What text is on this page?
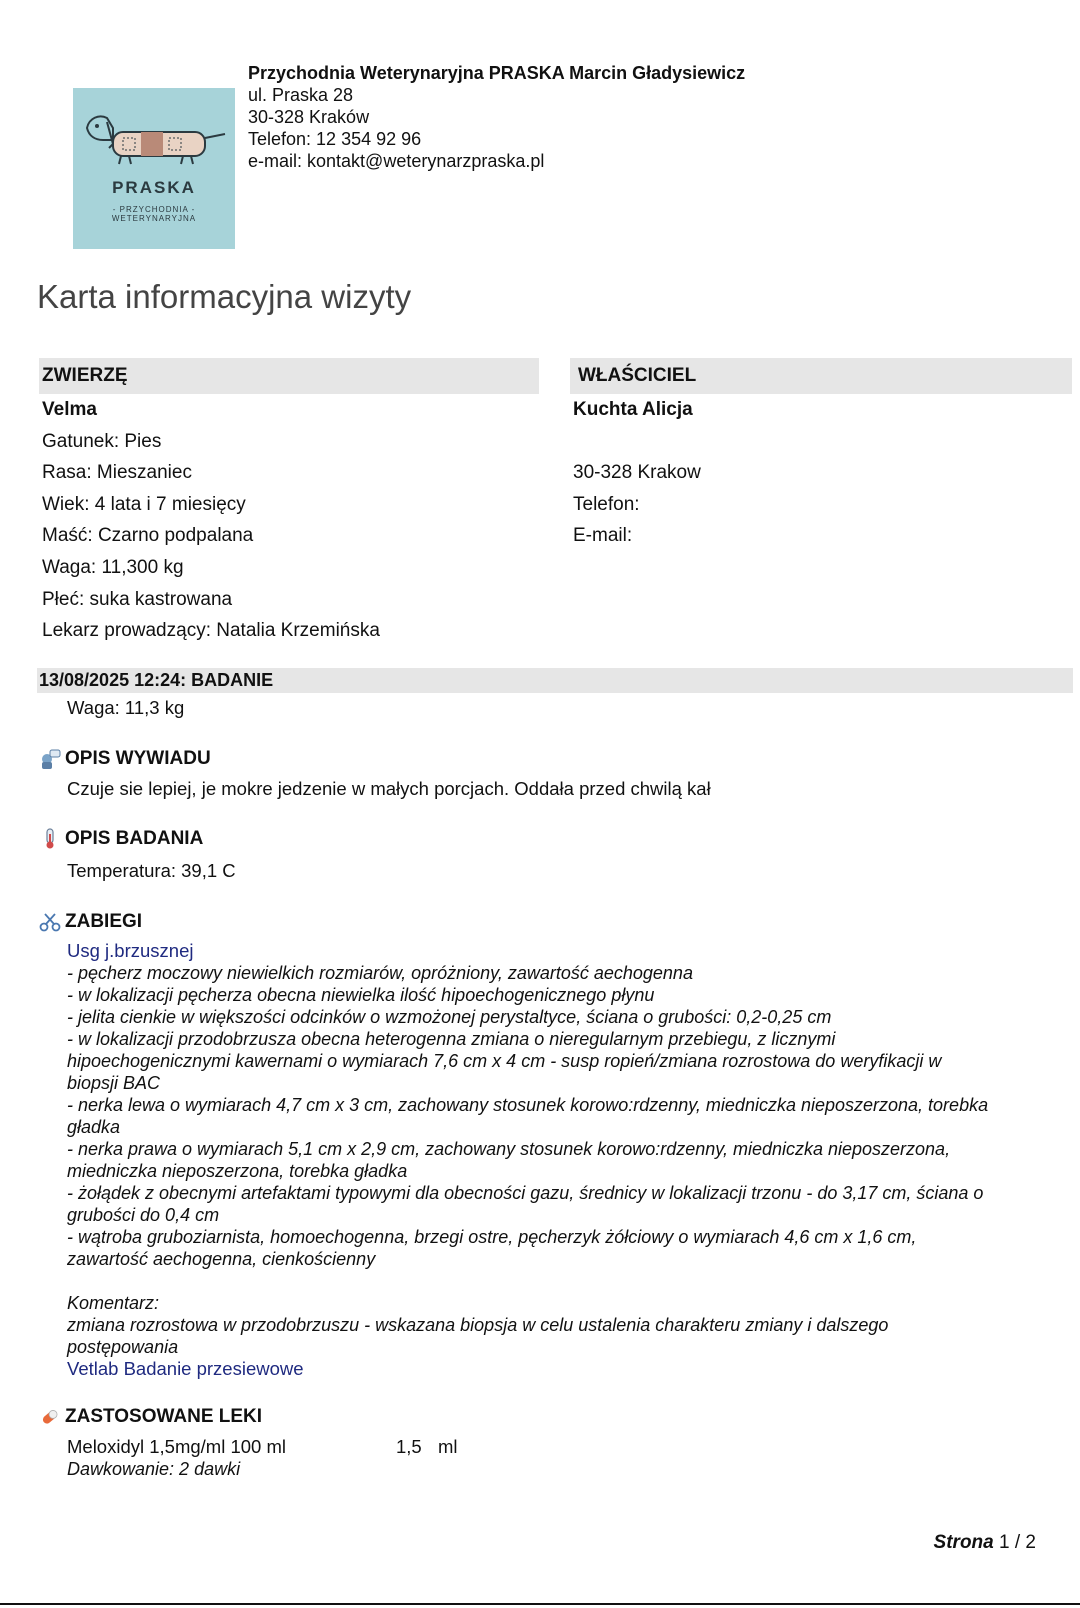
PRASKA
- PRZYCHODNIA -
WETERYNARYJNA
Przychodnia Weterynaryjna PRASKA Marcin Gładysiewicz
ul. Praska 28
30-328 Kraków
Telefon: 12 354 92 96
e-mail: kontakt@weterynarzpraska.pl
Karta informacyjna wizyty
ZWIERZĘ
Velma
Gatunek: Pies
Rasa: Mieszaniec
Wiek: 4 lata i 7 miesięcy
Maść: Czarno podpalana
Waga: 11,300 kg
Płeć: suka kastrowana
Lekarz prowadzący: Natalia Krzemińska
WŁAŚCICIEL
Kuchta Alicja
30-328 Krakow
Telefon:
E-mail:
13/08/2025 12:24: BADANIE
Waga: 11,3 kg
OPIS WYWIADU
Czuje sie lepiej, je mokre jedzenie w małych porcjach. Oddała przed chwilą kał
OPIS BADANIA
Temperatura: 39,1 C
ZABIEGI
Usg j.brzusznej
- pęcherz moczowy niewielkich rozmiarów, opróżniony, zawartość aechogenna
- w lokalizacji pęcherza obecna niewielka ilość hipoechogenicznego płynu
- jelita cienkie w większości odcinków o wzmożonej perystaltyce, ściana o grubości: 0,2-0,25 cm
- w lokalizacji przodobrzusza obecna heterogenna zmiana o nieregularnym przebiegu, z licznymi
hipoechogenicznymi kawernami o wymiarach 7,6 cm x 4 cm - susp ropień/zmiana rozrostowa do weryfikacji w
biopsji BAC
- nerka lewa o wymiarach 4,7 cm x 3 cm, zachowany stosunek korowo:rdzenny, miedniczka nieposzerzona, torebka
gładka
- nerka prawa o wymiarach 5,1 cm x 2,9 cm, zachowany stosunek korowo:rdzenny, miedniczka nieposzerzona,
miedniczka nieposzerzona, torebka gładka
- żołądek z obecnymi artefaktami typowymi dla obecności gazu, średnicy w lokalizacji trzonu - do 3,17 cm, ściana o
grubości do 0,4 cm
- wątroba gruboziarnista, homoechogenna, brzegi ostre, pęcherzyk żółciowy o wymiarach 4,6 cm x 1,6 cm,
zawartość aechogenna, cienkościenny
Komentarz:
zmiana rozrostowa w przodobrzuszu - wskazana biopsja w celu ustalenia charakteru zmiany i dalszego
postępowania
Vetlab Badanie przesiewowe
ZASTOSOWANE LEKI
Meloxidyl 1,5mg/ml 100 ml	1,5 ml
Dawkowanie: 2 dawki
Strona 1 / 2
